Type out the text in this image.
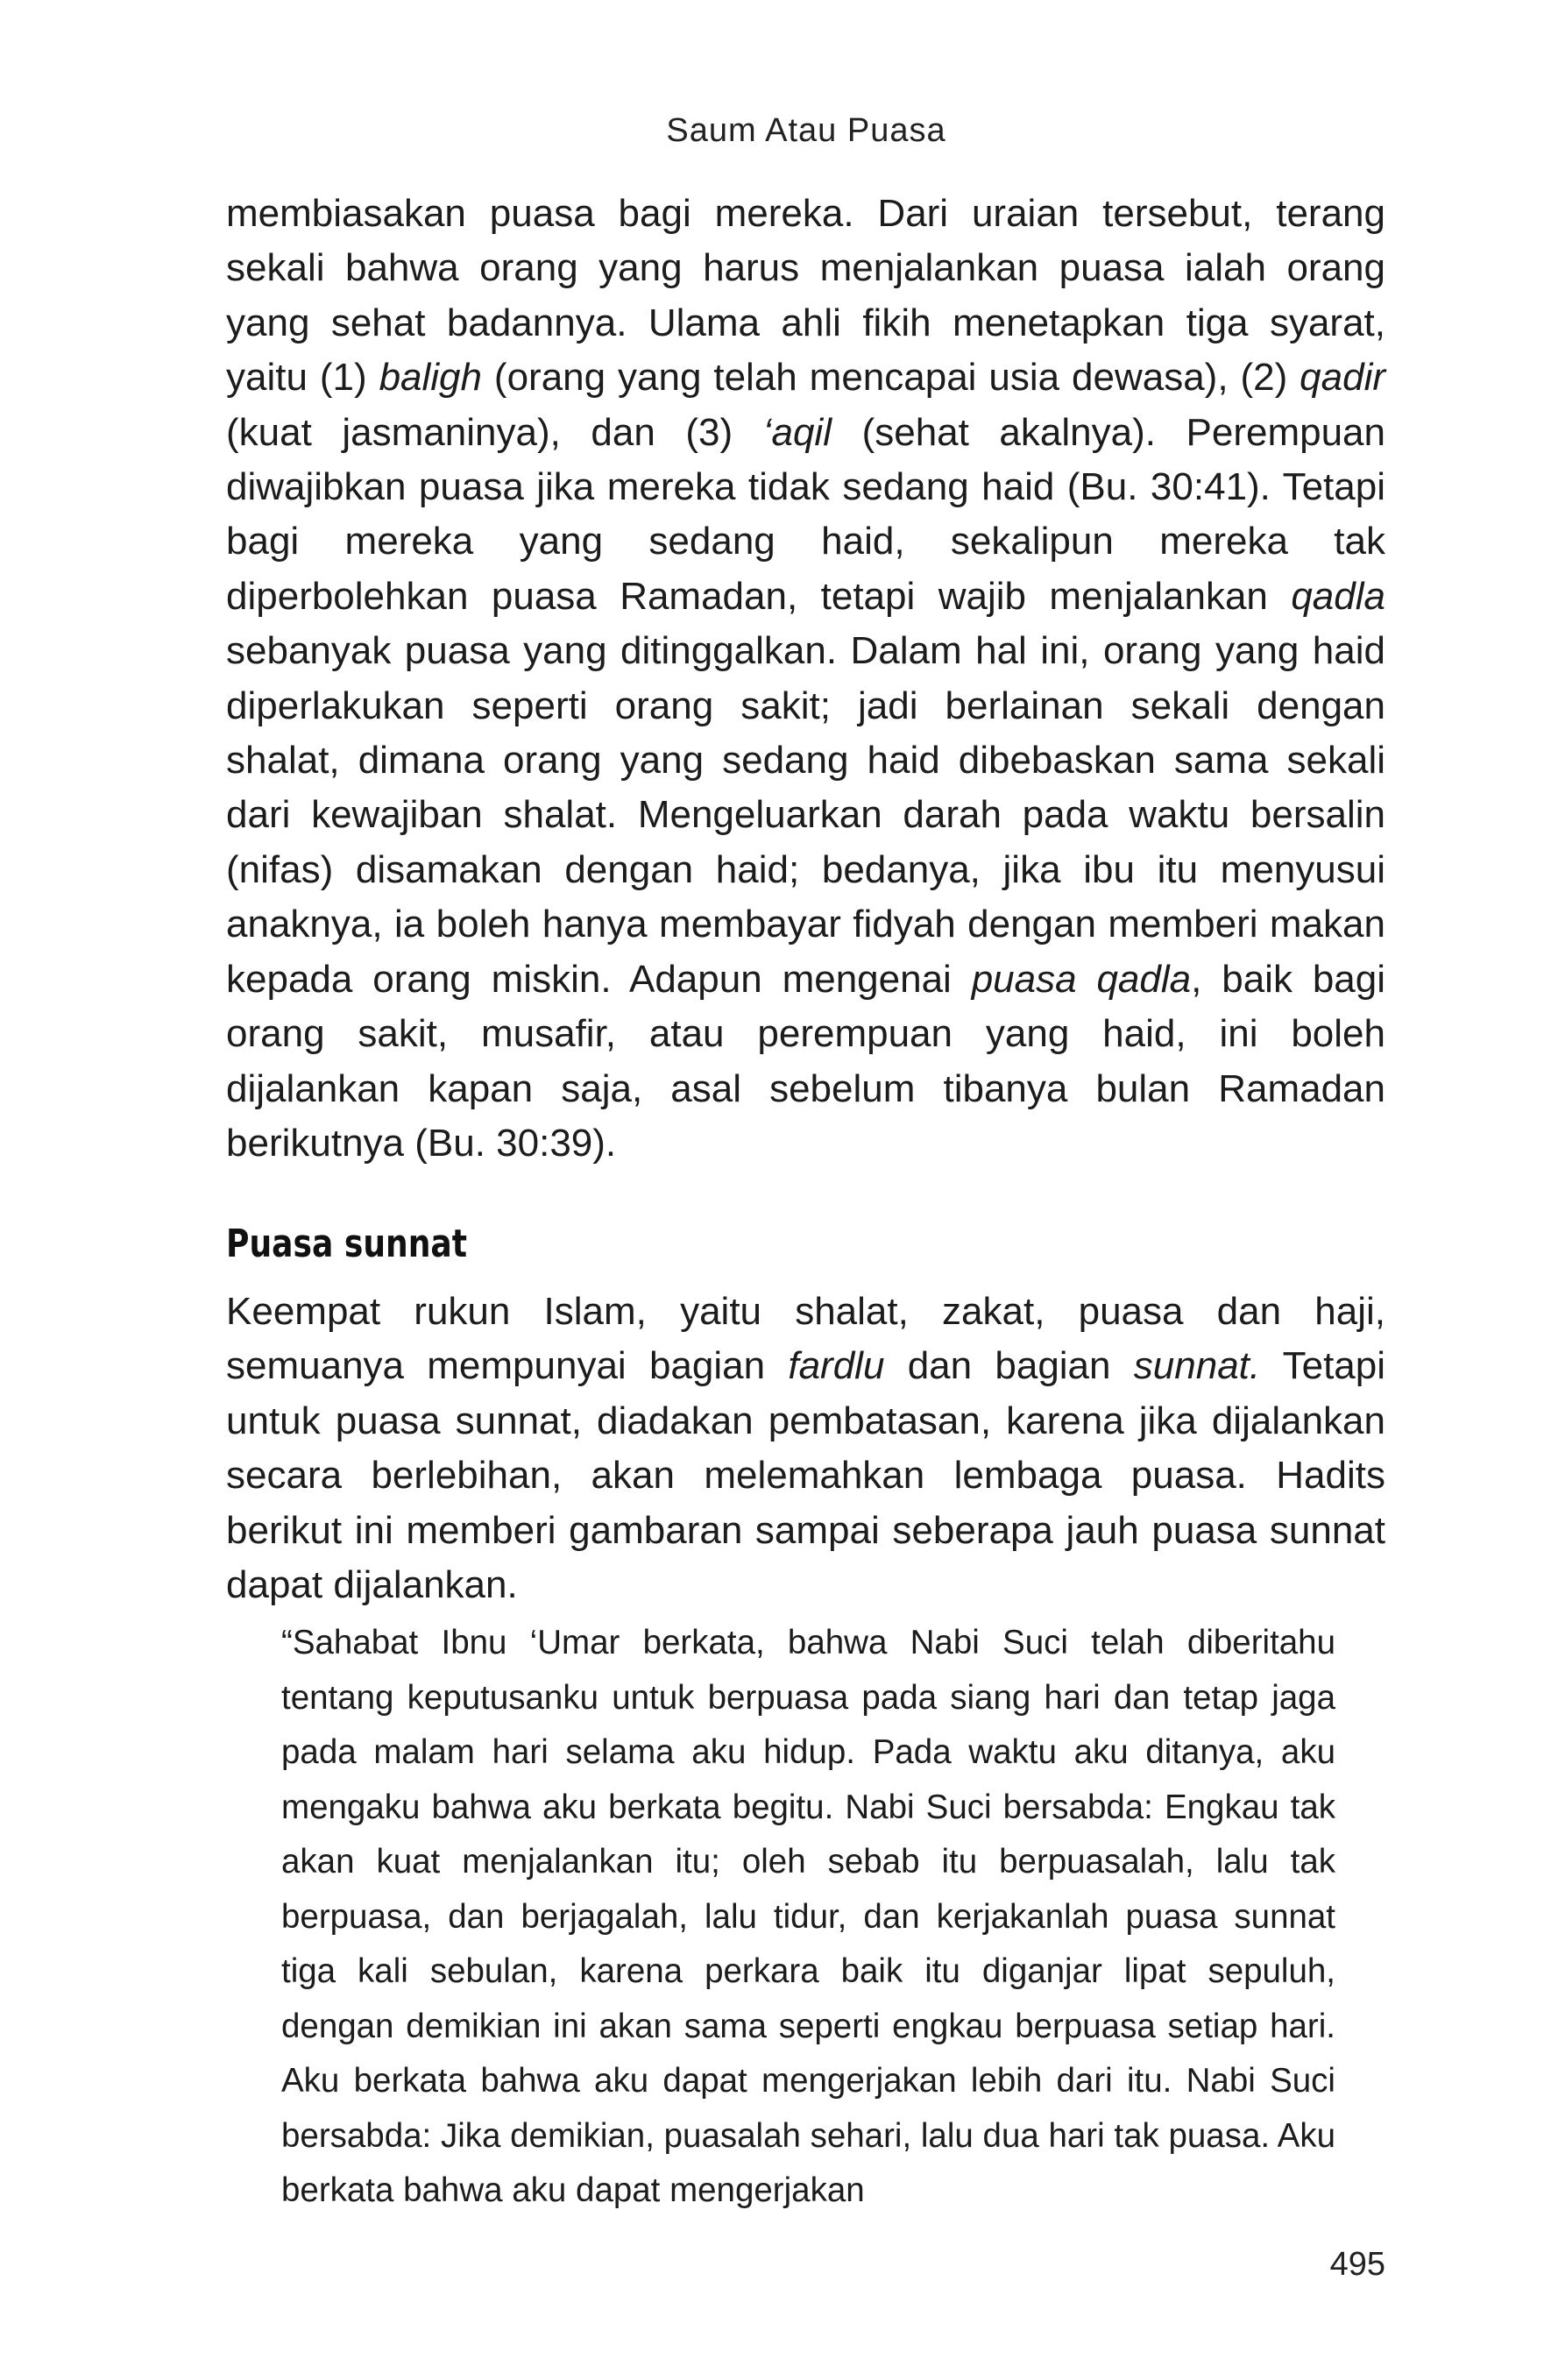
Saum Atau Puasa

membiasakan puasa bagi mereka. Dari uraian tersebut, terang sekali bahwa orang yang harus menjalankan puasa ialah orang yang sehat badannya. Ulama ahli fikih menetapkan tiga syarat, yaitu (1) baligh (orang yang telah mencapai usia dewasa), (2) qadir (kuat jasmaninya), dan (3) ‘aqil (sehat akalnya). Perempuan diwajibkan puasa jika mereka tidak sedang haid (Bu. 30:41). Tetapi bagi mereka yang sedang haid, sekalipun mereka tak diperbolehkan puasa Ramadan, tetapi wajib menjalankan qadla sebanyak puasa yang ditinggalkan. Dalam hal ini, orang yang haid diperlakukan seperti orang sakit; jadi berlainan sekali dengan shalat, dimana orang yang sedang haid dibebaskan sama sekali dari kewajiban shalat. Mengeluarkan darah pada waktu bersalin (nifas) disamakan dengan haid; bedanya, jika ibu itu menyusui anaknya, ia boleh hanya membayar fidyah dengan memberi makan kepada orang miskin. Adapun mengenai puasa qadla, baik bagi orang sakit, musafir, atau perempuan yang haid, ini boleh dijalankan kapan saja, asal sebelum tibanya bulan Ramadan berikutnya (Bu. 30:39).

Puasa sunnat

Keempat rukun Islam, yaitu shalat, zakat, puasa dan haji, semuanya mempunyai bagian fardlu dan bagian sunnat. Tetapi untuk puasa sunnat, diadakan pembatasan, karena jika dijalankan secara berlebihan, akan melemahkan lembaga puasa. Hadits berikut ini memberi gambaran sampai seberapa jauh puasa sunnat dapat dijalankan.

“Sahabat Ibnu ‘Umar berkata, bahwa Nabi Suci telah diberitahu tentang keputusanku untuk berpuasa pada siang hari dan tetap jaga pada malam hari selama aku hidup. Pada waktu aku ditanya, aku mengaku bahwa aku berkata begitu. Nabi Suci bersabda: Engkau tak akan kuat menjalankan itu; oleh sebab itu berpuasalah, lalu tak berpuasa, dan berjagalah, lalu tidur, dan kerjakanlah puasa sunnat tiga kali sebulan, karena perkara baik itu diganjar lipat sepuluh, dengan demikian ini akan sama seperti engkau berpuasa setiap hari. Aku berkata bahwa aku dapat mengerjakan lebih dari itu. Nabi Suci bersabda: Jika demikian, puasalah sehari, lalu dua hari tak puasa. Aku berkata bahwa aku dapat mengerjakan
495
